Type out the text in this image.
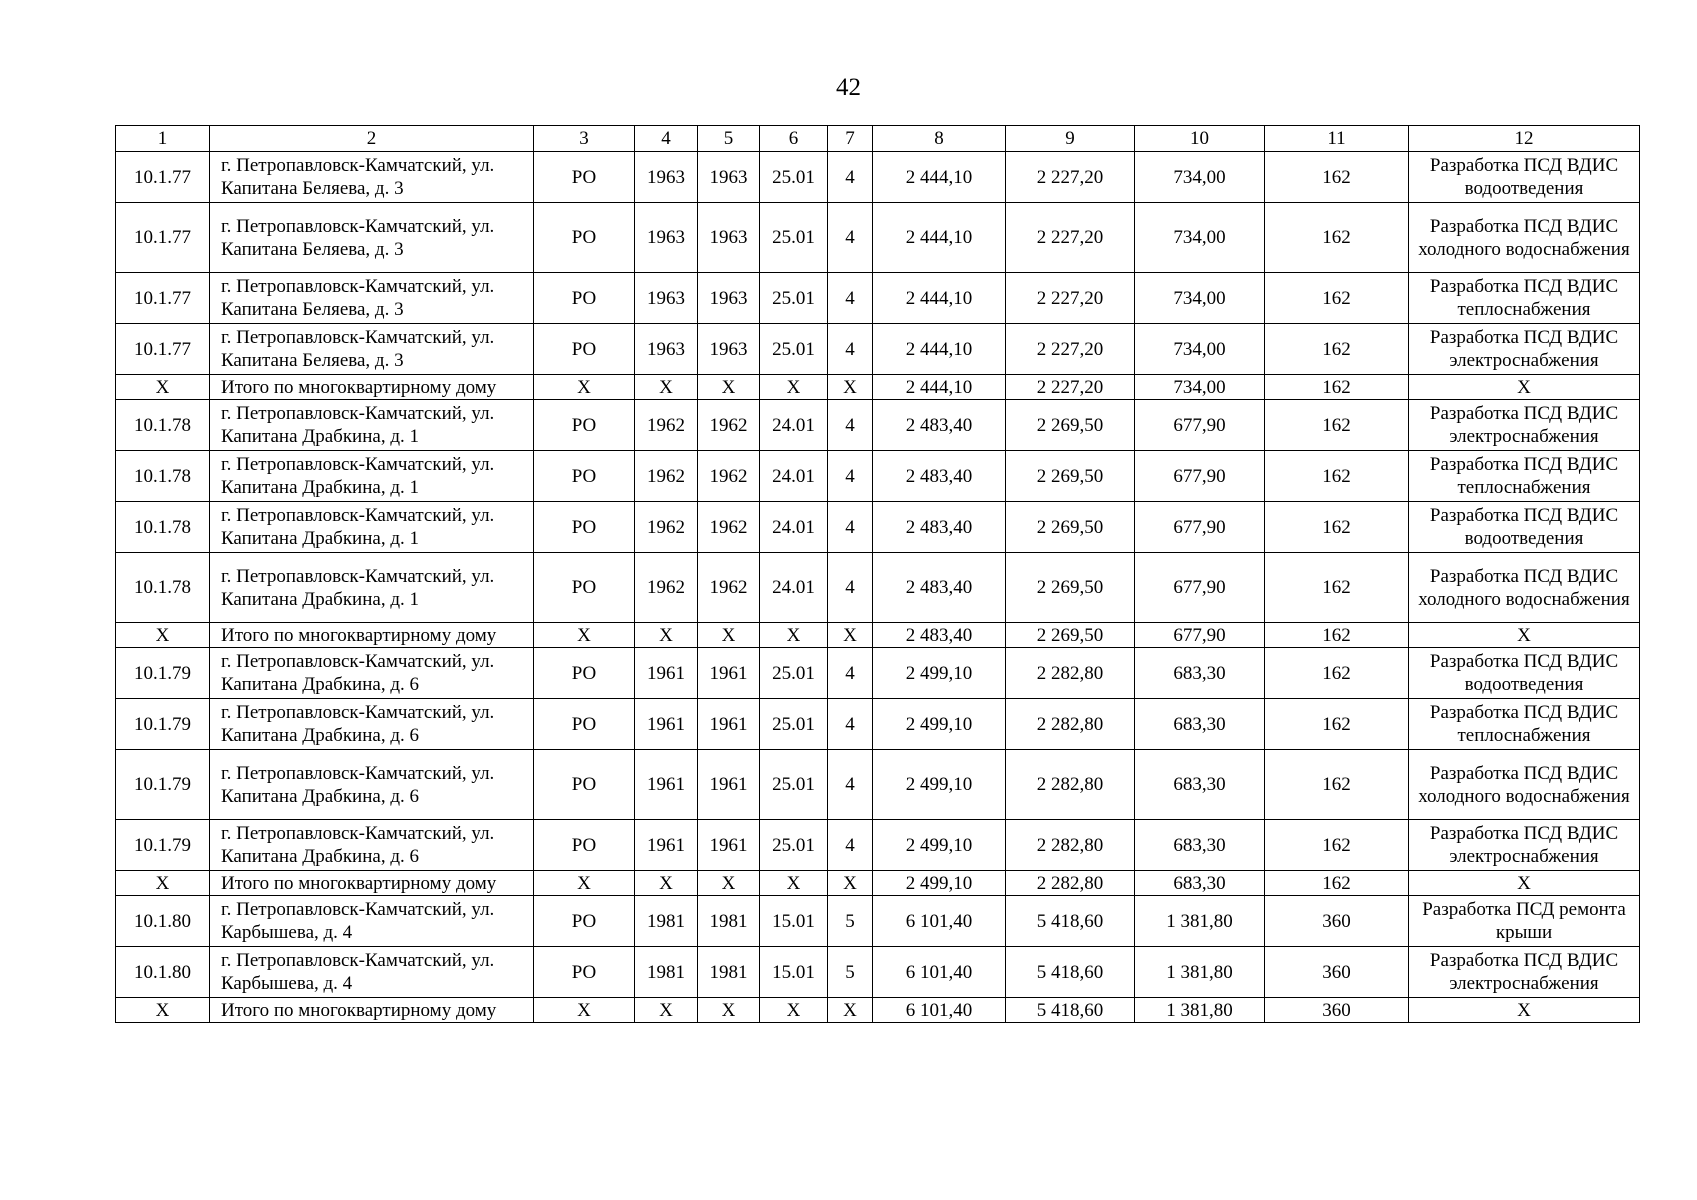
42
1	2	3	4	5	6	7	8	9	10	11	12
10.1.77	г. Петропавловск-Камчатский, ул. Капитана Беляева, д. 3	РО	1963	1963	25.01	4	2 444,10	2 227,20	734,00	162	Разработка ПСД ВДИС водоотведения
10.1.77	г. Петропавловск-Камчатский, ул. Капитана Беляева, д. 3	РО	1963	1963	25.01	4	2 444,10	2 227,20	734,00	162	Разработка ПСД ВДИС холодного водоснабжения
10.1.77	г. Петропавловск-Камчатский, ул. Капитана Беляева, д. 3	РО	1963	1963	25.01	4	2 444,10	2 227,20	734,00	162	Разработка ПСД ВДИС теплоснабжения
10.1.77	г. Петропавловск-Камчатский, ул. Капитана Беляева, д. 3	РО	1963	1963	25.01	4	2 444,10	2 227,20	734,00	162	Разработка ПСД ВДИС электроснабжения
Х	Итого по многоквартирному дому	Х	Х	Х	Х	Х	2 444,10	2 227,20	734,00	162	Х
10.1.78	г. Петропавловск-Камчатский, ул. Капитана Драбкина, д. 1	РО	1962	1962	24.01	4	2 483,40	2 269,50	677,90	162	Разработка ПСД ВДИС электроснабжения
10.1.78	г. Петропавловск-Камчатский, ул. Капитана Драбкина, д. 1	РО	1962	1962	24.01	4	2 483,40	2 269,50	677,90	162	Разработка ПСД ВДИС теплоснабжения
10.1.78	г. Петропавловск-Камчатский, ул. Капитана Драбкина, д. 1	РО	1962	1962	24.01	4	2 483,40	2 269,50	677,90	162	Разработка ПСД ВДИС водоотведения
10.1.78	г. Петропавловск-Камчатский, ул. Капитана Драбкина, д. 1	РО	1962	1962	24.01	4	2 483,40	2 269,50	677,90	162	Разработка ПСД ВДИС холодного водоснабжения
Х	Итого по многоквартирному дому	Х	Х	Х	Х	Х	2 483,40	2 269,50	677,90	162	Х
10.1.79	г. Петропавловск-Камчатский, ул. Капитана Драбкина, д. 6	РО	1961	1961	25.01	4	2 499,10	2 282,80	683,30	162	Разработка ПСД ВДИС водоотведения
10.1.79	г. Петропавловск-Камчатский, ул. Капитана Драбкина, д. 6	РО	1961	1961	25.01	4	2 499,10	2 282,80	683,30	162	Разработка ПСД ВДИС теплоснабжения
10.1.79	г. Петропавловск-Камчатский, ул. Капитана Драбкина, д. 6	РО	1961	1961	25.01	4	2 499,10	2 282,80	683,30	162	Разработка ПСД ВДИС холодного водоснабжения
10.1.79	г. Петропавловск-Камчатский, ул. Капитана Драбкина, д. 6	РО	1961	1961	25.01	4	2 499,10	2 282,80	683,30	162	Разработка ПСД ВДИС электроснабжения
Х	Итого по многоквартирному дому	Х	Х	Х	Х	Х	2 499,10	2 282,80	683,30	162	Х
10.1.80	г. Петропавловск-Камчатский, ул. Карбышева, д. 4	РО	1981	1981	15.01	5	6 101,40	5 418,60	1 381,80	360	Разработка ПСД ремонта крыши
10.1.80	г. Петропавловск-Камчатский, ул. Карбышева, д. 4	РО	1981	1981	15.01	5	6 101,40	5 418,60	1 381,80	360	Разработка ПСД ВДИС электроснабжения
Х	Итого по многоквартирному дому	Х	Х	Х	Х	Х	6 101,40	5 418,60	1 381,80	360	Х
